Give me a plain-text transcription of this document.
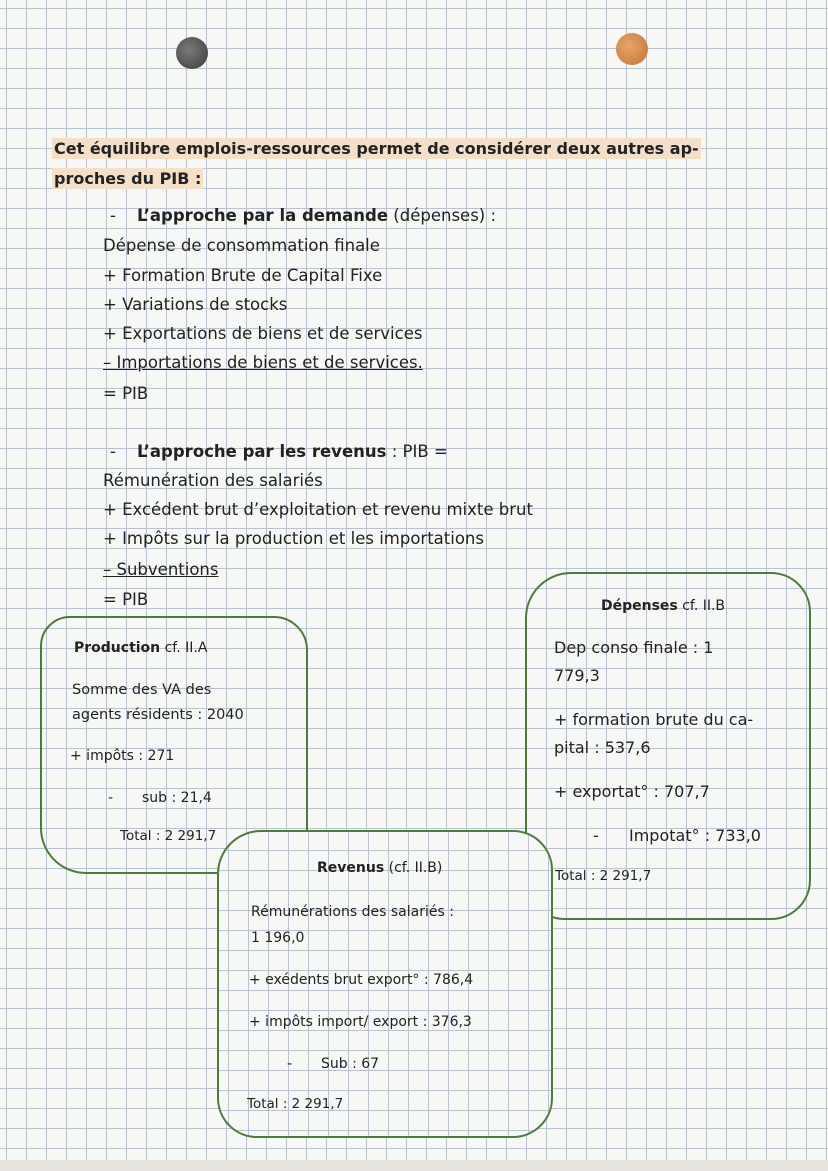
Cet équilibre emplois-ressources permet de considérer deux autres ap-
proches du PIB :
-    L’approche par la demande (dépenses) :
Dépense de consommation finale
+ Formation Brute de Capital Fixe
+ Variations de stocks
+ Exportations de biens et de services
– Importations de biens et de services.
= PIB
-    L’approche par les revenus : PIB =
Rémunération des salariés
+ Excédent brut d’exploitation et revenu mixte brut
+ Impôts sur la production et les importations
– Subventions
= PIB
Production cf. II.A
Somme des VA des
agents résidents : 2040
+ impôts : 271
- sub : 21,4
Total : 2 291,7
Dépenses cf. II.B
Dep conso finale : 1
779,3
+ formation brute du ca-
pital : 537,6
+ exportat° : 707,7
- Impotat° : 733,0
Total : 2 291,7
Revenus (cf. II.B)
Rémunérations des salariés :
1 196,0
+ exédents brut export° : 786,4
+ impôts import/ export : 376,3
- Sub : 67
Total : 2 291,7
